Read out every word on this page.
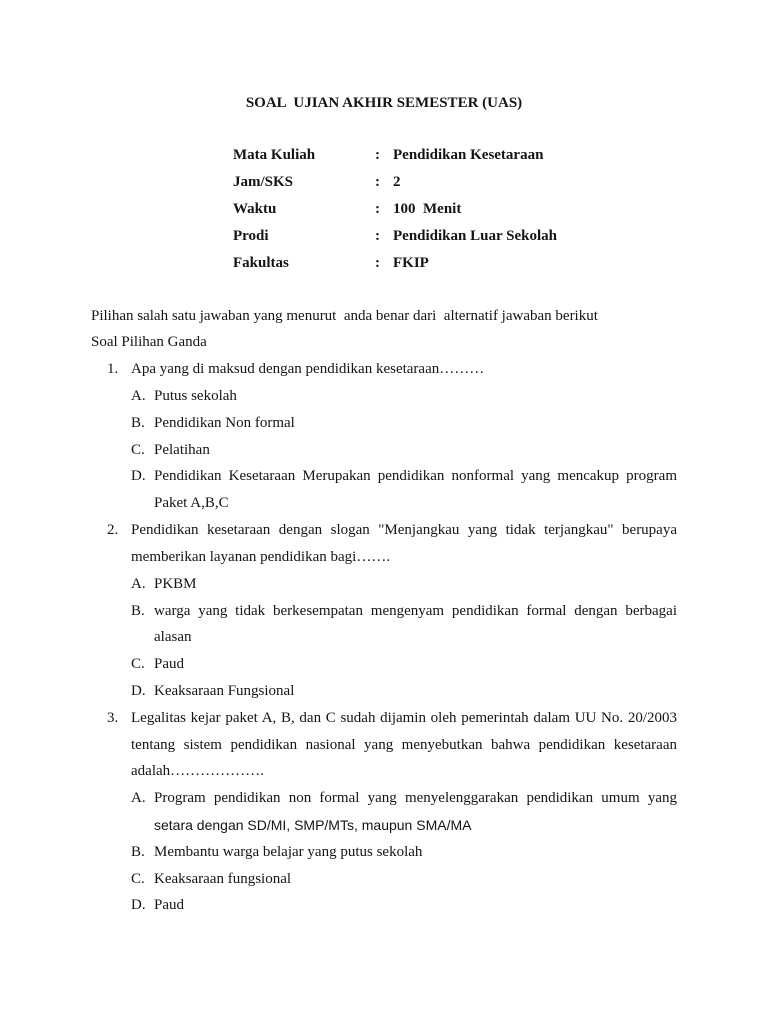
SOAL  UJIAN AKHIR SEMESTER (UAS)
Mata Kuliah	: Pendidikan Kesetaraan
Jam/SKS	: 2
Waktu	: 100  Menit
Prodi	: Pendidikan Luar Sekolah
Fakultas	: FKIP
Pilihan salah satu jawaban yang menurut  anda benar dari  alternatif jawaban berikut
Soal Pilihan Ganda
1. Apa yang di maksud dengan pendidikan kesetaraan………
A. Putus sekolah
B. Pendidikan Non formal
C. Pelatihan
D. Pendidikan Kesetaraan Merupakan pendidikan nonformal yang mencakup program
Paket A,B,C
2. Pendidikan kesetaraan dengan slogan "Menjangkau yang tidak terjangkau" berupaya
memberikan layanan pendidikan bagi…….
A. PKBM
B. warga yang tidak berkesempatan mengenyam pendidikan formal dengan berbagai
alasan
C. Paud
D. Keaksaraan Fungsional
3. Legalitas kejar paket A, B, dan C sudah dijamin oleh pemerintah dalam UU No. 20/2003
tentang sistem pendidikan nasional yang menyebutkan bahwa pendidikan kesetaraan
adalah……………….
A. Program pendidikan non formal yang menyelenggarakan pendidikan umum yang
setara dengan SD/MI, SMP/MTs, maupun SMA/MA
B. Membantu warga belajar yang putus sekolah
C. Keaksaraan fungsional
D. Paud
